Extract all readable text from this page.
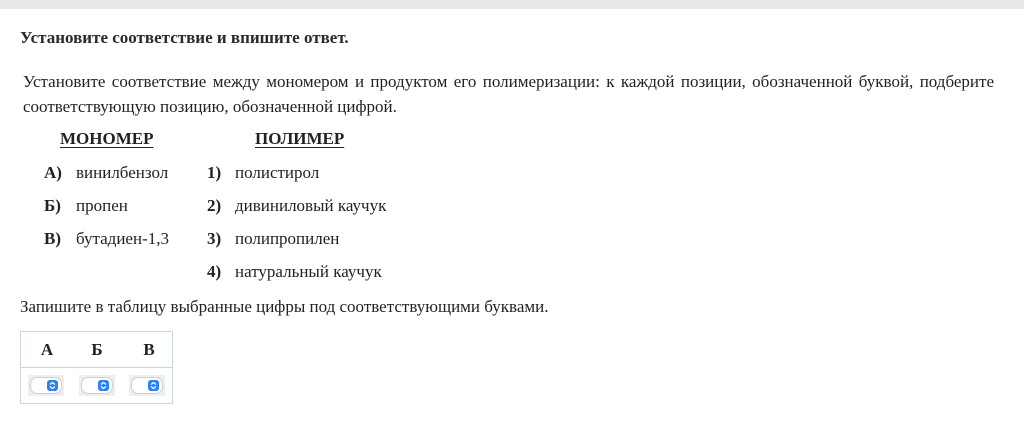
Установите соответствие и впишите ответ.

Установите соответствие между мономером и продуктом его полимеризации: к каждой позиции, обозначенной буквой, подберите соответствующую позицию, обозначенной цифрой.

МОНОМЕР	ПОЛИМЕР
А) винилбензол
Б) пропен
В) бутадиен-1,3
1) полистирол
2) дивиниловый каучук
3) полипропилен
4) натуральный каучук

Запишите в таблицу выбранные цифры под соответствующими буквами.

А Б В
